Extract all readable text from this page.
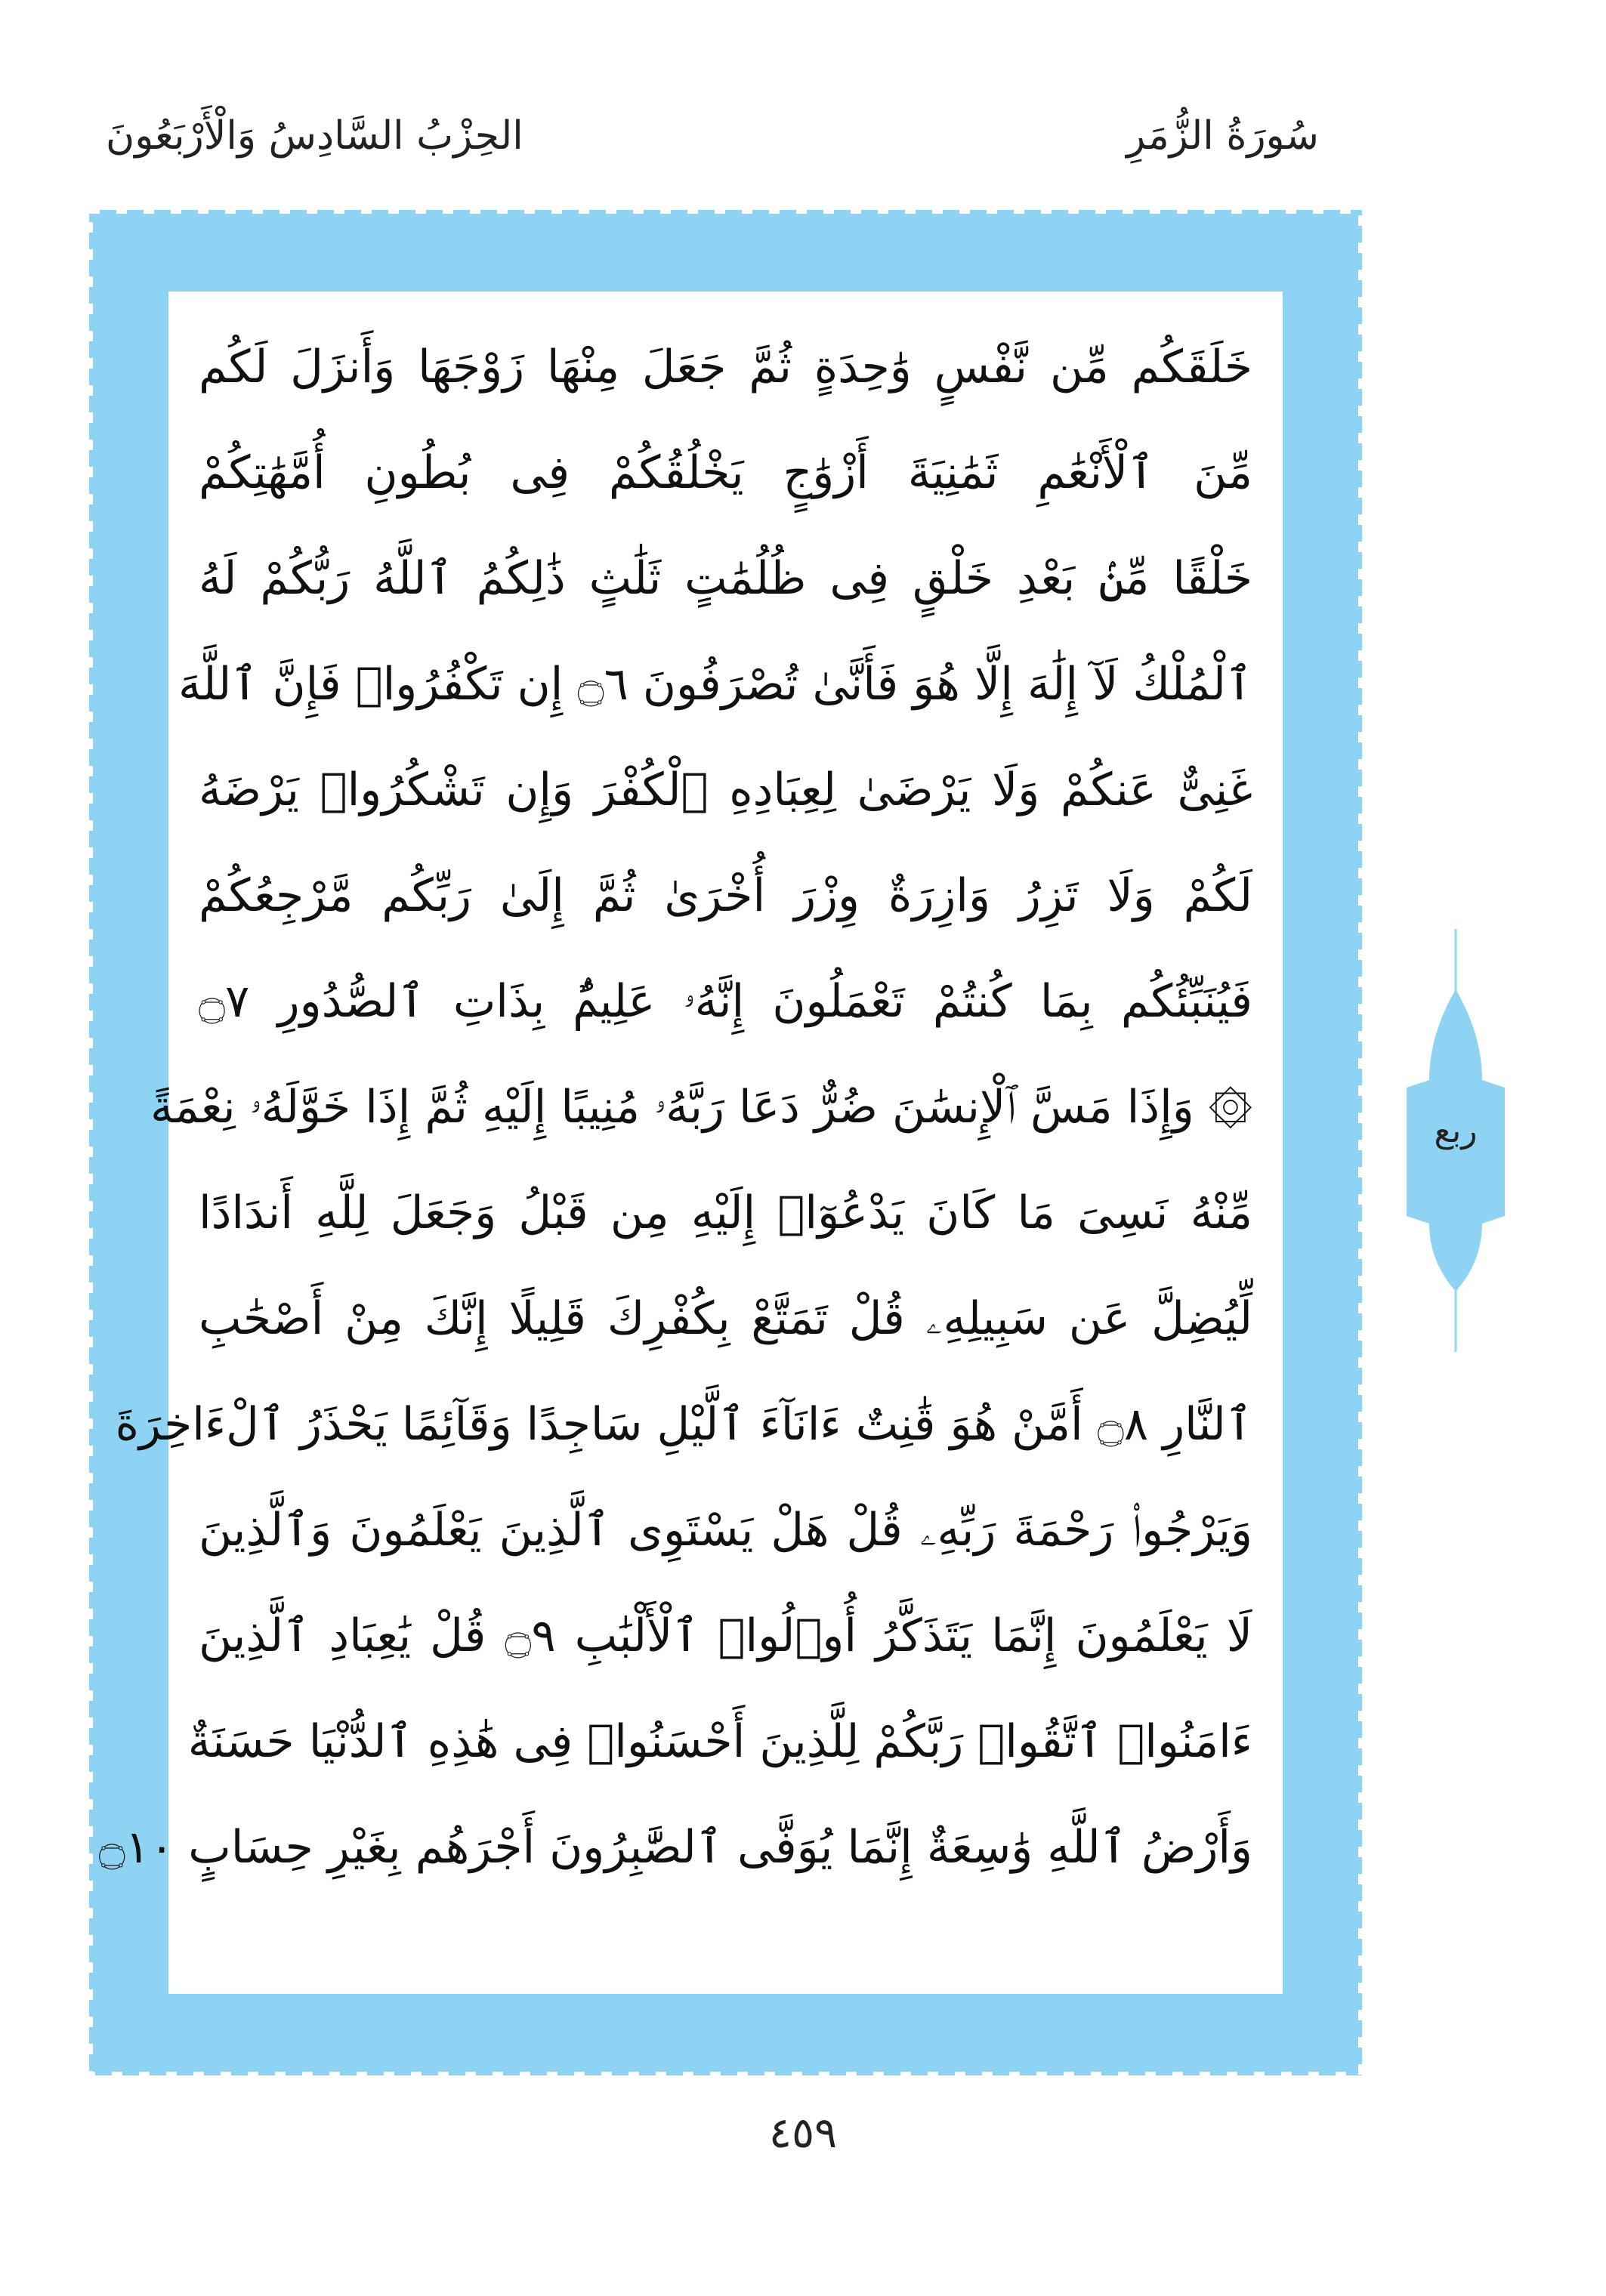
سُورَةُ الزُّمَرِ
الحِزْبُ السَّادِسُ وَالْأَرْبَعُونَ
خَلَقَكُم مِّن نَّفْسٍ وَٰحِدَةٍ ثُمَّ جَعَلَ مِنْهَا زَوْجَهَا وَأَنزَلَ لَكُم
مِّنَ ٱلْأَنْعَٰمِ ثَمَٰنِيَةَ أَزْوَٰجٍ يَخْلُقُكُمْ فِى بُطُونِ أُمَّهَٰتِكُمْ
خَلْقًا مِّنۢ بَعْدِ خَلْقٍ فِى ظُلُمَٰتٍ ثَلَٰثٍ ذَٰلِكُمُ ٱللَّهُ رَبُّكُمْ لَهُ
ٱلْمُلْكُ لَآ إِلَٰهَ إِلَّا هُوَ فَأَنَّىٰ تُصْرَفُونَ ۝٦ إِن تَكْفُرُوا۟ فَإِنَّ ٱللَّهَ
غَنِىٌّ عَنكُمْ وَلَا يَرْضَىٰ لِعِبَادِهِ ٱلْكُفْرَ وَإِن تَشْكُرُوا۟ يَرْضَهُ
لَكُمْ وَلَا تَزِرُ وَازِرَةٌ وِزْرَ أُخْرَىٰ ثُمَّ إِلَىٰ رَبِّكُم مَّرْجِعُكُمْ
فَيُنَبِّئُكُم بِمَا كُنتُمْ تَعْمَلُونَ إِنَّهُۥ عَلِيمٌۢ بِذَاتِ ٱلصُّدُورِ ۝٧
۞ وَإِذَا مَسَّ ٱلْإِنسَٰنَ ضُرٌّ دَعَا رَبَّهُۥ مُنِيبًا إِلَيْهِ ثُمَّ إِذَا خَوَّلَهُۥ نِعْمَةً
مِّنْهُ نَسِىَ مَا كَانَ يَدْعُوٓا۟ إِلَيْهِ مِن قَبْلُ وَجَعَلَ لِلَّهِ أَندَادًا
لِّيُضِلَّ عَن سَبِيلِهِۦ قُلْ تَمَتَّعْ بِكُفْرِكَ قَلِيلًا إِنَّكَ مِنْ أَصْحَٰبِ
ٱلنَّارِ ۝٨ أَمَّنْ هُوَ قَٰنِتٌ ءَانَآءَ ٱلَّيْلِ سَاجِدًا وَقَآئِمًا يَحْذَرُ ٱلْءَاخِرَةَ
وَيَرْجُوا۟ رَحْمَةَ رَبِّهِۦ قُلْ هَلْ يَسْتَوِى ٱلَّذِينَ يَعْلَمُونَ وَٱلَّذِينَ
لَا يَعْلَمُونَ إِنَّمَا يَتَذَكَّرُ أُو۟لُوا۟ ٱلْأَلْبَٰبِ ۝٩ قُلْ يَٰعِبَادِ ٱلَّذِينَ
ءَامَنُوا۟ ٱتَّقُوا۟ رَبَّكُمْ لِلَّذِينَ أَحْسَنُوا۟ فِى هَٰذِهِ ٱلدُّنْيَا حَسَنَةٌ
وَأَرْضُ ٱللَّهِ وَٰسِعَةٌ إِنَّمَا يُوَفَّى ٱلصَّٰبِرُونَ أَجْرَهُم بِغَيْرِ حِسَابٍ ۝١٠
ربع
٤٥٩
